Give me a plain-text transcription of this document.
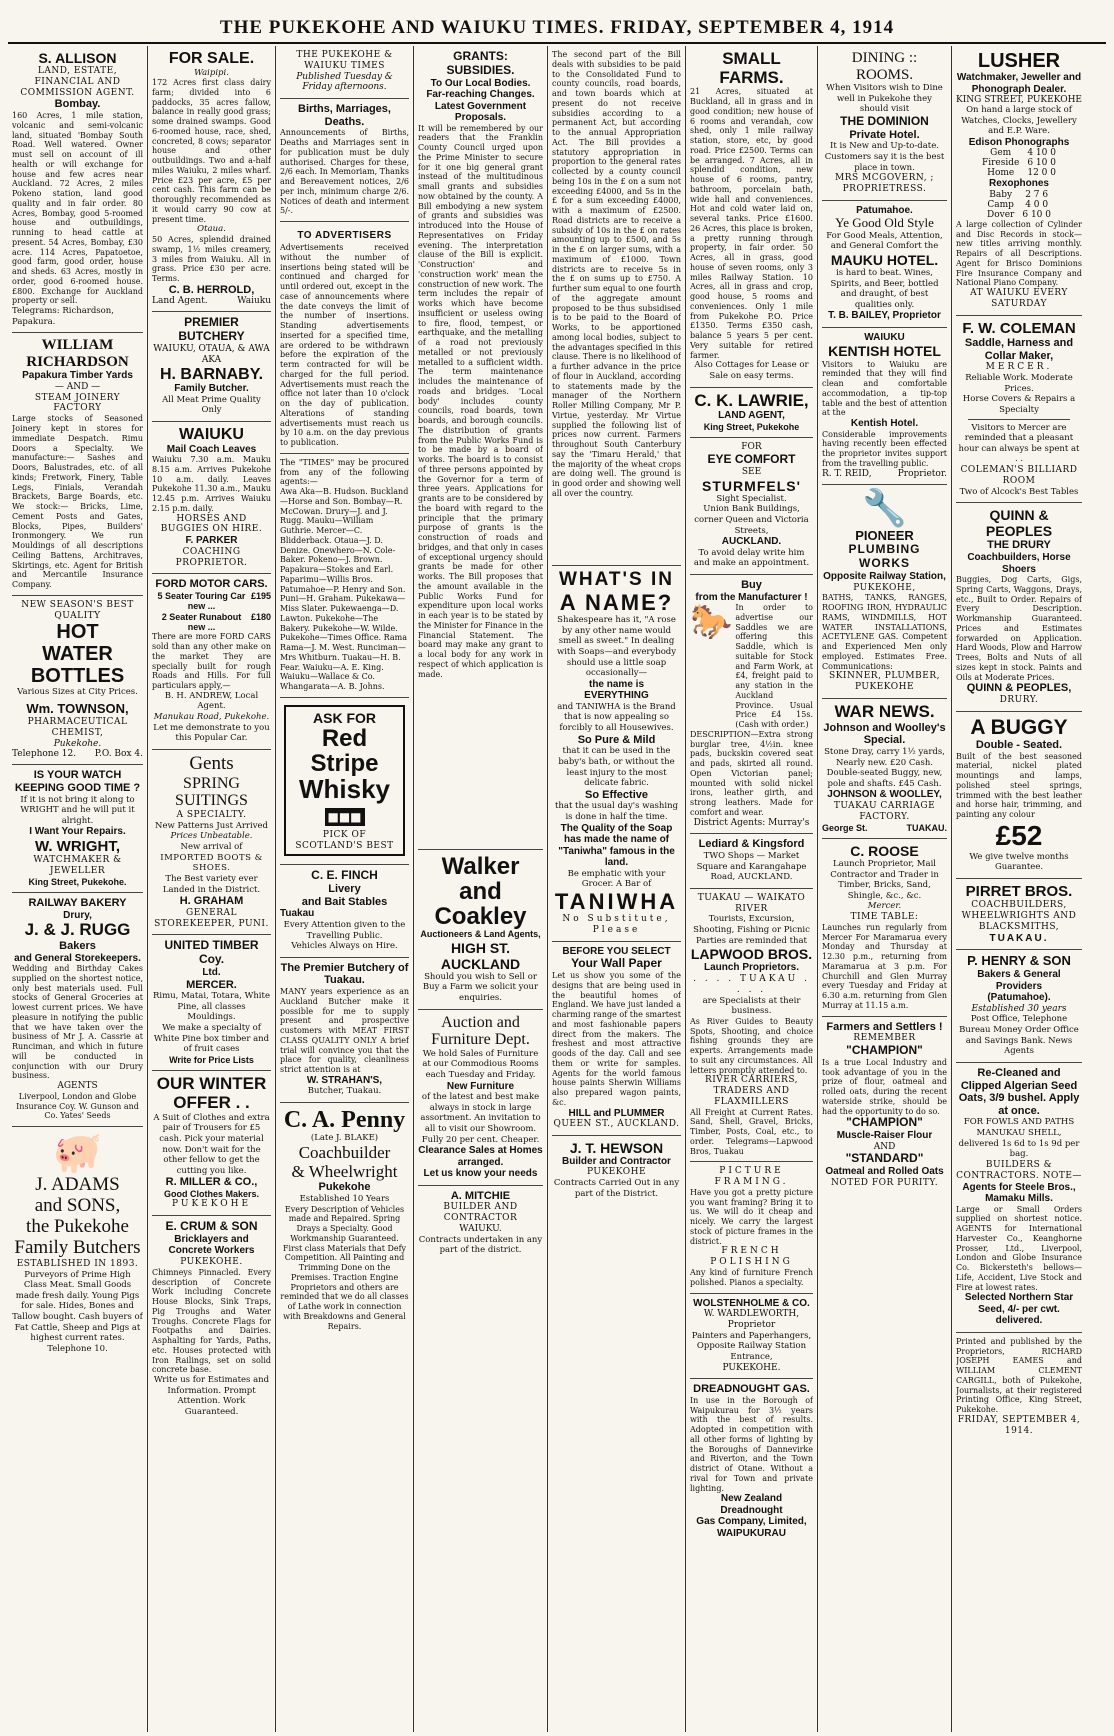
THE PUKEKOHE AND WAIUKU TIMES. FRIDAY, SEPTEMBER 4, 1914
S. ALLISON
LAND, ESTATE, FINANCIAL AND COMMISSION AGENT.
Bombay.
160 Acres, 1 mile station, volcanic and semi-volcanic land, situated 'Bombay South Road. Well watered. Owner must sell on account of ill health or will exchange for house and few acres near Auckland. 72 Acres, 2 miles Pokeno station, land good quality and in fair order. 80 Acres, Bombay, good 5-roomed house and outbuildings, running to head cattle at present. 54 Acres, Bombay, £30 acre. 114 Acres, Papatoetoe, good farm, good order, house and sheds. 63 Acres, mostly in order, good 6-roomed house. £800. Exchange for Auckland property or sell.
Telegrams: Richardson, Papakura.
WILLIAM RICHARDSON
Papakura Timber Yards
— AND —
STEAM JOINERY FACTORY
Large stocks of Seasoned Joinery kept in stores for immediate Despatch. Rimu Doors a Specialty. We manufacture:— Sashes and Doors, Balustrades, etc. of all kinds; Fretwork, Finery, Table Legs, Finials, Verandah Brackets, Barge Boards, etc. We stock:— Bricks, Lime, Cement Posts and Gates, Blocks, Pipes, Builders' Ironmongery. We run Mouldings of all descriptions Ceiling Battens, Architraves, Skirtings, etc. Agent for British and Mercantile Insurance Company.
NEW SEASON'S BEST QUALITY
HOT
WATER
BOTTLES
Various Sizes at City Prices.
Wm. TOWNSON,
PHARMACEUTICAL CHEMIST,
Pukekohe.
Telephone 12. P.O. Box 4.
IS YOUR WATCH KEEPING GOOD TIME ?
If it is not bring it along to WRIGHT and he will put it alright.
I Want Your Repairs.
W. WRIGHT,
WATCHMAKER & JEWELLER
King Street, Pukekohe.
RAILWAY BAKERY
Drury,
J. & J. RUGG
Bakers
and General Storekeepers.
Wedding and Birthday Cakes supplied on the shortest notice, only best materials used. Full stocks of General Groceries at lowest current prices. We have pleasure in notifying the public that we have taken over the business of Mr J. A. Cassrie at Runciman, and which in future will be conducted in conjunction with our Drury business.
AGENTS
Liverpool, London and Globe Insurance Coy. W. Gunson and Co. Yates' Seeds
🐖
J. ADAMS
and SONS,
the Pukekohe
Family Butchers
ESTABLISHED IN 1893.
Purveyors of Prime High Class Meat. Small Goods made fresh daily. Young Pigs for sale. Hides, Bones and Tallow bought. Cash buyers of Fat Cattle, Sheep and Pigs at highest current rates.
Telephone 10.
FOR SALE.
Waipipi.
172 Acres first class dairy farm; divided into 6 paddocks, 35 acres fallow, balance in really good grass; some drained swamps. Good 6-roomed house, race, shed, concreted, 8 cows; separator house and other outbuildings. Two and a-half miles Waiuku, 2 miles wharf. Price £23 per acre, £5 per cent cash. This farm can be thoroughly recommended as it would carry 90 cow at present time.
Otaua.
50 Acres, splendid drained swamp, 1½ miles creamery, 3 miles from Waiuku. All in grass. Price £30 per acre. Terms.
C. B. HERROLD,
Land Agent.	Waiuku
PREMIER BUTCHERY
WAIUKU, OTAUA, & AWA AKA
H. BARNABY.
Family Butcher.
All Meat Prime Quality Only
WAIUKU
Mail Coach Leaves
Waiuku 7.30 a.m. Mauku 8.15 a.m. Arrives Pukekohe 10 a.m. daily. Leaves Pukekohe 11.30 a.m., Mauku 12.45 p.m. Arrives Waiuku 2.15 p.m. daily.
HORSES AND BUGGIES ON HIRE.
F. PARKER
COACHING PROPRIETOR.
FORD MOTOR CARS.
5 Seater Touring Car new ...
£195
2 Seater Runabout new ...
£180
There are more FORD CARS sold than any other make on the market They are specially built for rough Roads and Hills. For full particulars apply,—
B. H. ANDREW, Local Agent.
Manukau Road, Pukekohe.
Let me demonstrate to you this Popular Car.
Gents
SPRING SUITINGS
A SPECIALTY.
New Patterns Just Arrived
Prices Unbeatable.
New arrival of
IMPORTED BOOTS & SHOES.
The Best variety ever Landed in the District.
H. GRAHAM
GENERAL STOREKEEPER, PUNI.
UNITED TIMBER Coy.
Ltd.
MERCER.
Rimu, Matai, Totara, White Pine, all classes Mouldings.
We make a specialty of White Pine box timber and of fruit cases
Write for Price Lists
OUR WINTER
OFFER . .
A Suit of Clothes and extra pair of Trousers for £5 cash. Pick your material now. Don't wait for the other fellow to get the cutting you like.
R. MILLER & CO.,
Good Clothes Makers.
PUKEKOHE
E. CRUM & SON
Bricklayers and Concrete Workers
PUKEKOHE.
Chimneys Pinnacled. Every description of Concrete Work including Concrete House Blocks, Sink Traps, Pig Troughs and Water Troughs. Concrete Flags for Footpaths and Dairies. Asphalting for Yards, Paths, etc. Houses protected with Iron Railings, set on solid concrete base.
Write us for Estimates and Information. Prompt Attention. Work Guaranteed.
THE PUKEKOHE & WAIUKU TIMES
Published Tuesday & Friday afternoons.
Births, Marriages, Deaths.
Announcements of Births, Deaths and Marriages sent in for publication must be duly authorised. Charges for these, 2/6 each. In Memoriam, Thanks and Bereavement notices, 2/6 per inch, minimum charge 2/6. Notices of death and interment 5/-.
TO ADVERTISERS
Advertisements received without the number of insertions being stated will be continued and charged for until ordered out, except in the case of announcements where the date conveys the limit of the number of insertions. Standing advertisements inserted for a specified time, are ordered to be withdrawn before the expiration of the term contracted for will be charged for the full period. Advertisements must reach the office not later than 10 o'clock on the day of publication. Alterations of standing advertisements must reach us by 10 a.m. on the day previous to publication.
The "TIMES" may be procured from any of the following agents:—
Awa Aka—B. Hudson. Buckland—Horse and Son. Bombay—R. McCowan. Drury—J. and J. Rugg. Mauku—William Guthrie. Mercer—C. Blidderback. Otaua—J. D. Denize. Onewhero—N. Cole-Baker. Pokeno—J. Brown. Papakura—Stokes and Earl. Paparimu—Willis Bros. Patumahoe—P. Henry and Son. Puni—H. Graham. Pukekawa—Miss Slater. Pukewaenga—D. Lawton. Pukekohe—The Bakery. Pukekohe—W. Wilde. Pukekohe—Times Office. Rama Rama—J. M. West. Runciman—Mrs Whitburn. Tuakau—H. B. Fear. Waiuku—A. E. King. Waiuku—Wallace & Co. Whangarata—A. B. Johns.
ASK FOR
Red Stripe
Whisky
■■■
PICK OF SCOTLAND'S BEST
C. E. FINCH
Livery
and Bait Stables
Tuakau
Every Attention given to the Travelling Public.
Vehicles Always on Hire.
The Premier Butchery of Tuakau.
MANY years experience as an Auckland Butcher make it possible for me to supply present and prospective customers with MEAT FIRST CLASS QUALITY ONLY A brief trial will convince you that the place for quality, cleanliness strict attention is at
W. STRAHAN'S,
Butcher, Tuakau.
C. A. Penny
(Late J. BLAKE)
Coachbuilder
& Wheelwright
Pukekohe
Established 10 Years
Every Description of Vehicles made and Repaired. Spring Drays a Specialty. Good Workmanship Guaranteed. First class Materials that Defy Competition. All Painting and Trimming Done on the Premises. Traction Engine Proprietors and others are reminded that we do all classes of Lathe work in connection with Breakdowns and General Repairs.
GRANTS: SUBSIDIES.
To Our Local Bodies.
Far-reaching Changes.
Latest Government Proposals.
It will be remembered by our readers that the Franklin County Council urged upon the Prime Minister to secure for it one big general grant instead of the multitudinous small grants and subsidies now obtained by the county. A Bill embodying a new system of grants and subsidies was introduced into the House of Representatives on Friday evening. The interpretation clause of the Bill is explicit. 'Construction' and 'construction work' mean the construction of new work. The term includes the repair of works which have become insufficient or useless owing to fire, flood, tempest, or earthquake, and the metalling of a road not previously metalled or not previously metalled to a sufficient width. The term maintenance includes the maintenance of roads and bridges. 'Local body' includes county councils, road boards, town boards, and borough councils. The distribution of grants from the Public Works Fund is to be made by a board of works. The board is to consist of three persons appointed by the Governor for a term of three years. Applications for grants are to be considered by the board with regard to the principle that the primary purpose of grants is the construction of roads and bridges, and that only in cases of exceptional urgency should grants be made for other works. The Bill proposes that the amount available in the Public Works Fund for expenditure upon local works in each year is to be stated by the Minister for Finance in the Financial Statement. The board may make any grant to a local body for any work in respect of which application is made.
Walker and
Coakley
Auctioneers & Land Agents,
HIGH ST. AUCKLAND
Should you wish to Sell or Buy a Farm we solicit your enquiries.
Auction and
Furniture Dept.
We hold Sales of Furniture at our Commodious Rooms each Tuesday and Friday.
New Furniture
of the latest and best make always in stock in large assortment. An invitation to all to visit our Showroom. Fully 20 per cent. Cheaper.
Clearance Sales at Homes arranged.
Let us know your needs
A. MITCHIE
BUILDER AND CONTRACTOR
WAIUKU.
Contracts undertaken in any part of the district.
The second part of the Bill deals with subsidies to be paid to the Consolidated Fund to county councils, road boards, and town boards which at present do not receive subsidies according to a permanent Act, but according to the annual Appropriation Act. The Bill provides a statutory appropriation in proportion to the general rates collected by a county council being 10s in the £ on a sum not exceeding £4000, and 5s in the £ for a sum exceeding £4000, with a maximum of £2500. Road districts are to receive a subsidy of 10s in the £ on rates amounting up to £500, and 5s in the £ on larger sums, with a maximum of £1000. Town districts are to receive 5s in the £ on sums up to £750. A further sum equal to one fourth of the aggregate amount proposed to be thus subsidised is to be paid to the Board of Works, to be apportioned among local bodies, subject to the advantages specified in this clause. There is no likelihood of a further advance in the price of flour in Auckland, according to statements made by the manager of the Northern Roller Milling Company, Mr P. Virtue, yesterday. Mr Virtue supplied the following list of prices now current. Farmers throughout South Canterbury say the 'Timaru Herald,' that the majority of the wheat crops are doing well. The ground is in good order and showing well all over the country.
WHAT'S IN
A NAME?
Shakespeare has it, "A rose by any other name would smell as sweet." In dealing with Soaps—and everybody should use a little soap occasionally—
the name is
EVERYTHING
and TANIWHA is the Brand that is now appealing so forcibly to all Housewives.
So Pure & Mild
that it can be used in the baby's bath, or without the least injury to the most delicate fabric.
So Effective
that the usual day's washing is done in half the time.
The Quality of the Soap has made the name of "Taniwha" famous in the land.
Be emphatic with your Grocer. A Bar of
TANIWHA
No Substitute, Please
BEFORE YOU SELECT
Your Wall Paper
Let us show you some of the designs that are being used in the beautiful homes of England. We have just landed a charming range of the smartest and most fashionable papers direct from the makers. The freshest and most attractive goods of the day. Call and see them or write for samples. Agents for the world famous house paints Sherwin Williams also prepared wagon paints, &c.
HILL and PLUMMER
QUEEN ST., AUCKLAND.
J. T. HEWSON
Builder and Contractor
PUKEKOHE
Contracts Carried Out in any part of the District.
SMALL FARMS.
21 Acres, situated at Buckland, all in grass and in good condition; new house of 6 rooms and verandah, cow shed, only 1 mile railway station, store, etc, by good road. Price £2500. Terms can be arranged. 7 Acres, all in splendid condition, new house of 6 rooms, pantry, bathroom, porcelain bath, wide hall and conveniences. Hot and cold water laid on, several tanks. Price £1600. 26 Acres, this place is broken, a pretty running through property, in fair order. 50 Acres, all in grass, good house of seven rooms, only 3 miles Railway Station. 10 Acres, all in grass and crop, good house, 5 rooms and conveniences. Only 1 mile from Pukekohe P.O. Price £1350. Terms £350 cash, balance 5 years 5 per cent. Very suitable for retired farmer.
Also Cottages for Lease or Sale on easy terms.
C. K. LAWRIE,
LAND AGENT,
King Street, Pukekohe
FOR
EYE COMFORT
SEE
STURMFELS'
Sight Specialist.
Union Bank Buildings, corner Queen and Victoria Streets,
AUCKLAND.
To avoid delay write him and make an appointment.
Buy
from the Manufacturer !
🐎 In order to advertise our Saddles we are offering this Saddle, which is suitable for Stock and Farm Work, at £4, freight paid to any station in the Auckland Province. Usual Price £4 15s. (Cash with order.)
DESCRIPTION—Extra strong burglar tree, 4½in. knee pads, buckskin covered seat and pads, skirted all round. Open Victorian panel; mounted with solid nickel irons, leather girth, and strong leathers. Made for comfort and wear.
District Agents: Murray's
Lediard & Kingsford
TWO Shops — Market Square and Karangahape Road, AUCKLAND.
TUAKAU — WAIKATO RIVER
Tourists, Excursion, Shooting, Fishing or Picnic Parties are reminded that
LAPWOOD BROS.
Launch Proprietors.
. . . . TUAKAU . . . .
are Specialists at their business.
As River Guides to Beauty Spots, Shooting, and choice fishing grounds they are experts. Arrangements made to suit any circumstances. All letters promptly attended to.
RIVER CARRIERS, TRADERS AND FLAXMILLERS
All Freight at Current Rates. Sand, Shell, Gravel, Bricks, Timber, Posts, Coal, etc., to order. Telegrams—Lapwood Bros, Tuakau
PICTURE FRAMING.
Have you got a pretty picture you want framing? Bring it to us. We will do it cheap and nicely. We carry the largest stock of picture frames in the district.
FRENCH POLISHING
Any kind of furniture French polished. Pianos a specialty.
WOLSTENHOLME & CO.
W. WARDLEWORTH, Proprietor
Painters and Paperhangers, Opposite Railway Station Entrance,
PUKEKOHE.
DREADNOUGHT GAS.
In use in the Borough of Waipukurau for 3½ years with the best of results. Adopted in competition with all other forms of lighting by the Boroughs of Dannevirke and Riverton, and the Town district of Otane. Without a rival for Town and private lighting.
New Zealand Dreadnought
Gas Company, Limited,
WAIPUKURAU
DINING :: ROOMS.
When Visitors wish to Dine well in Pukekohe they should visit
THE DOMINION
Private Hotel.
It is New and Up-to-date. Customers say it is the best place in town.
MRS MCGOVERN, ; PROPRIETRESS.
Patumahoe.
Ye Good Old Style
For Good Meals, Attention, and General Comfort the
MAUKU HOTEL.
is hard to beat. Wines, Spirits, and Beer, bottled and draught, of best qualities only.
T. B. BAILEY, Proprietor
WAIUKU
KENTISH HOTEL
Visitors to Waiuku are reminded that they will find clean and comfortable accommodation, a tip-top table and the best of attention at the
Kentish Hotel.
Considerable improvements having recently been effected the proprietor invites support from the travelling public.
R. T. REID,	Proprietor.
🔧
PIONEER
PLUMBING WORKS
Opposite Railway Station,
PUKEKOHE,
BATHS, TANKS, RANGES, ROOFING IRON, HYDRAULIC RAMS, WINDMILLS, HOT WATER INSTALLATIONS, ACETYLENE GAS. Competent and Experienced Men only employed. Estimates Free. Communications:
SKINNER, PLUMBER, PUKEKOHE
WAR NEWS.
Johnson and Woolley's
Special.
Stone Dray, carry 1½ yards, Nearly new. £20 Cash.
Double-seated Buggy, new, pole and shafts. £45 Cash.
JOHNSON & WOOLLEY,
TUAKAU CARRIAGE FACTORY.
George St.	TUAKAU.
C. ROOSE
Launch Proprietor, Mail Contractor and Trader in Timber, Bricks, Sand, Shingle, &c., &c.
Mercer.
TIME TABLE:
Launches run regularly from Mercer For Maramarua every Monday and Thursday at 12.30 p.m., returning from Maramarua at 3 p.m. For Churchill and Glen Murray every Tuesday and Friday at 6.30 a.m. returning from Glen Murray at 11.15 a.m.
Farmers and Settlers !
REMEMBER
"CHAMPION"
Is a true Local Industry and took advantage of you in the prize of flour, oatmeal and rolled oats, during the recent waterside strike, should be had the opportunity to do so.
"CHAMPION"
Muscle-Raiser Flour
AND
"STANDARD"
Oatmeal and Rolled Oats
NOTED FOR PURITY.
LUSHER
Watchmaker, Jeweller and Phonograph Dealer.
KING STREET, PUKEKOHE
On hand a large stock of Watches, Clocks, Jewellery and E.P. Ware.
Edison Phonographs
Gem	4 10 0
Fireside	6 10 0
Home	12 0 0
Rexophones
Baby	2 7 6
Camp	4 0 0
Dover	6 10 0
A large collection of Cylinder and Disc Records in stock—new titles arriving monthly. Repairs of all Descriptions. Agent for Brisco Dominions Fire Insurance Company and National Piano Company.
AT WAIUKU EVERY SATURDAY
F. W. COLEMAN
Saddle, Harness and Collar Maker,
MERCER.
Reliable Work. Moderate Prices.
Horse Covers & Repairs a Specialty
Visitors to Mercer are reminded that a pleasant hour can always be spent at . .
COLEMAN'S BILLIARD ROOM
Two of Alcock's Best Tables
QUINN & PEOPLES
THE DRURY
Coachbuilders, Horse Shoers
Buggies, Dog Carts, Gigs, Spring Carts, Waggons, Drays, etc., Built to Order. Repairs of Every Description. Workmanship Guaranteed. Prices and Estimates forwarded on Application. Hard Woods, Plow and Harrow Trees, Bolts and Nuts of all sizes kept in stock. Paints and Oils at Moderate Prices.
QUINN & PEOPLES,
DRURY.
A BUGGY
Double - Seated.
Built of the best seasoned material, nickel plated mountings and lamps, polished steel springs, trimmed with the best leather and horse hair, trimming, and painting any colour
£52
We give twelve months Guarantee.
PIRRET BROS.
COACHBUILDERS, WHEELWRIGHTS AND BLACKSMITHS,
TUAKAU.
P. HENRY & SON
Bakers & General Providers
(Patumahoe).
Established 30 years
Post Office, Telephone Bureau Money Order Office and Savings Bank. News Agents
Re-Cleaned and Clipped Algerian Seed Oats, 3/9 bushel. Apply at once.
FOR FOWLS AND PATHS MANUKAU SHELL, delivered 1s 6d to 1s 9d per bag.
BUILDERS & CONTRACTORS. NOTE—
Agents for Steele Bros., Mamaku Mills.
Large or Small Orders supplied on shortest notice. AGENTS for International Harvester Co., Keanghorne Prosser, Ltd., Liverpool, London and Globe Insurance Co. Bickersteth's bellows—Life, Accident, Live Stock and Fire at lowest rates.
Selected Northern Star Seed, 4/- per cwt. delivered.
Printed and published by the Proprietors, RICHARD JOSEPH EAMES and WILLIAM CLEMENT CARGILL, both of Pukekohe, Journalists, at their registered Printing Office, King Street, Pukekohe.
FRIDAY, SEPTEMBER 4, 1914.
